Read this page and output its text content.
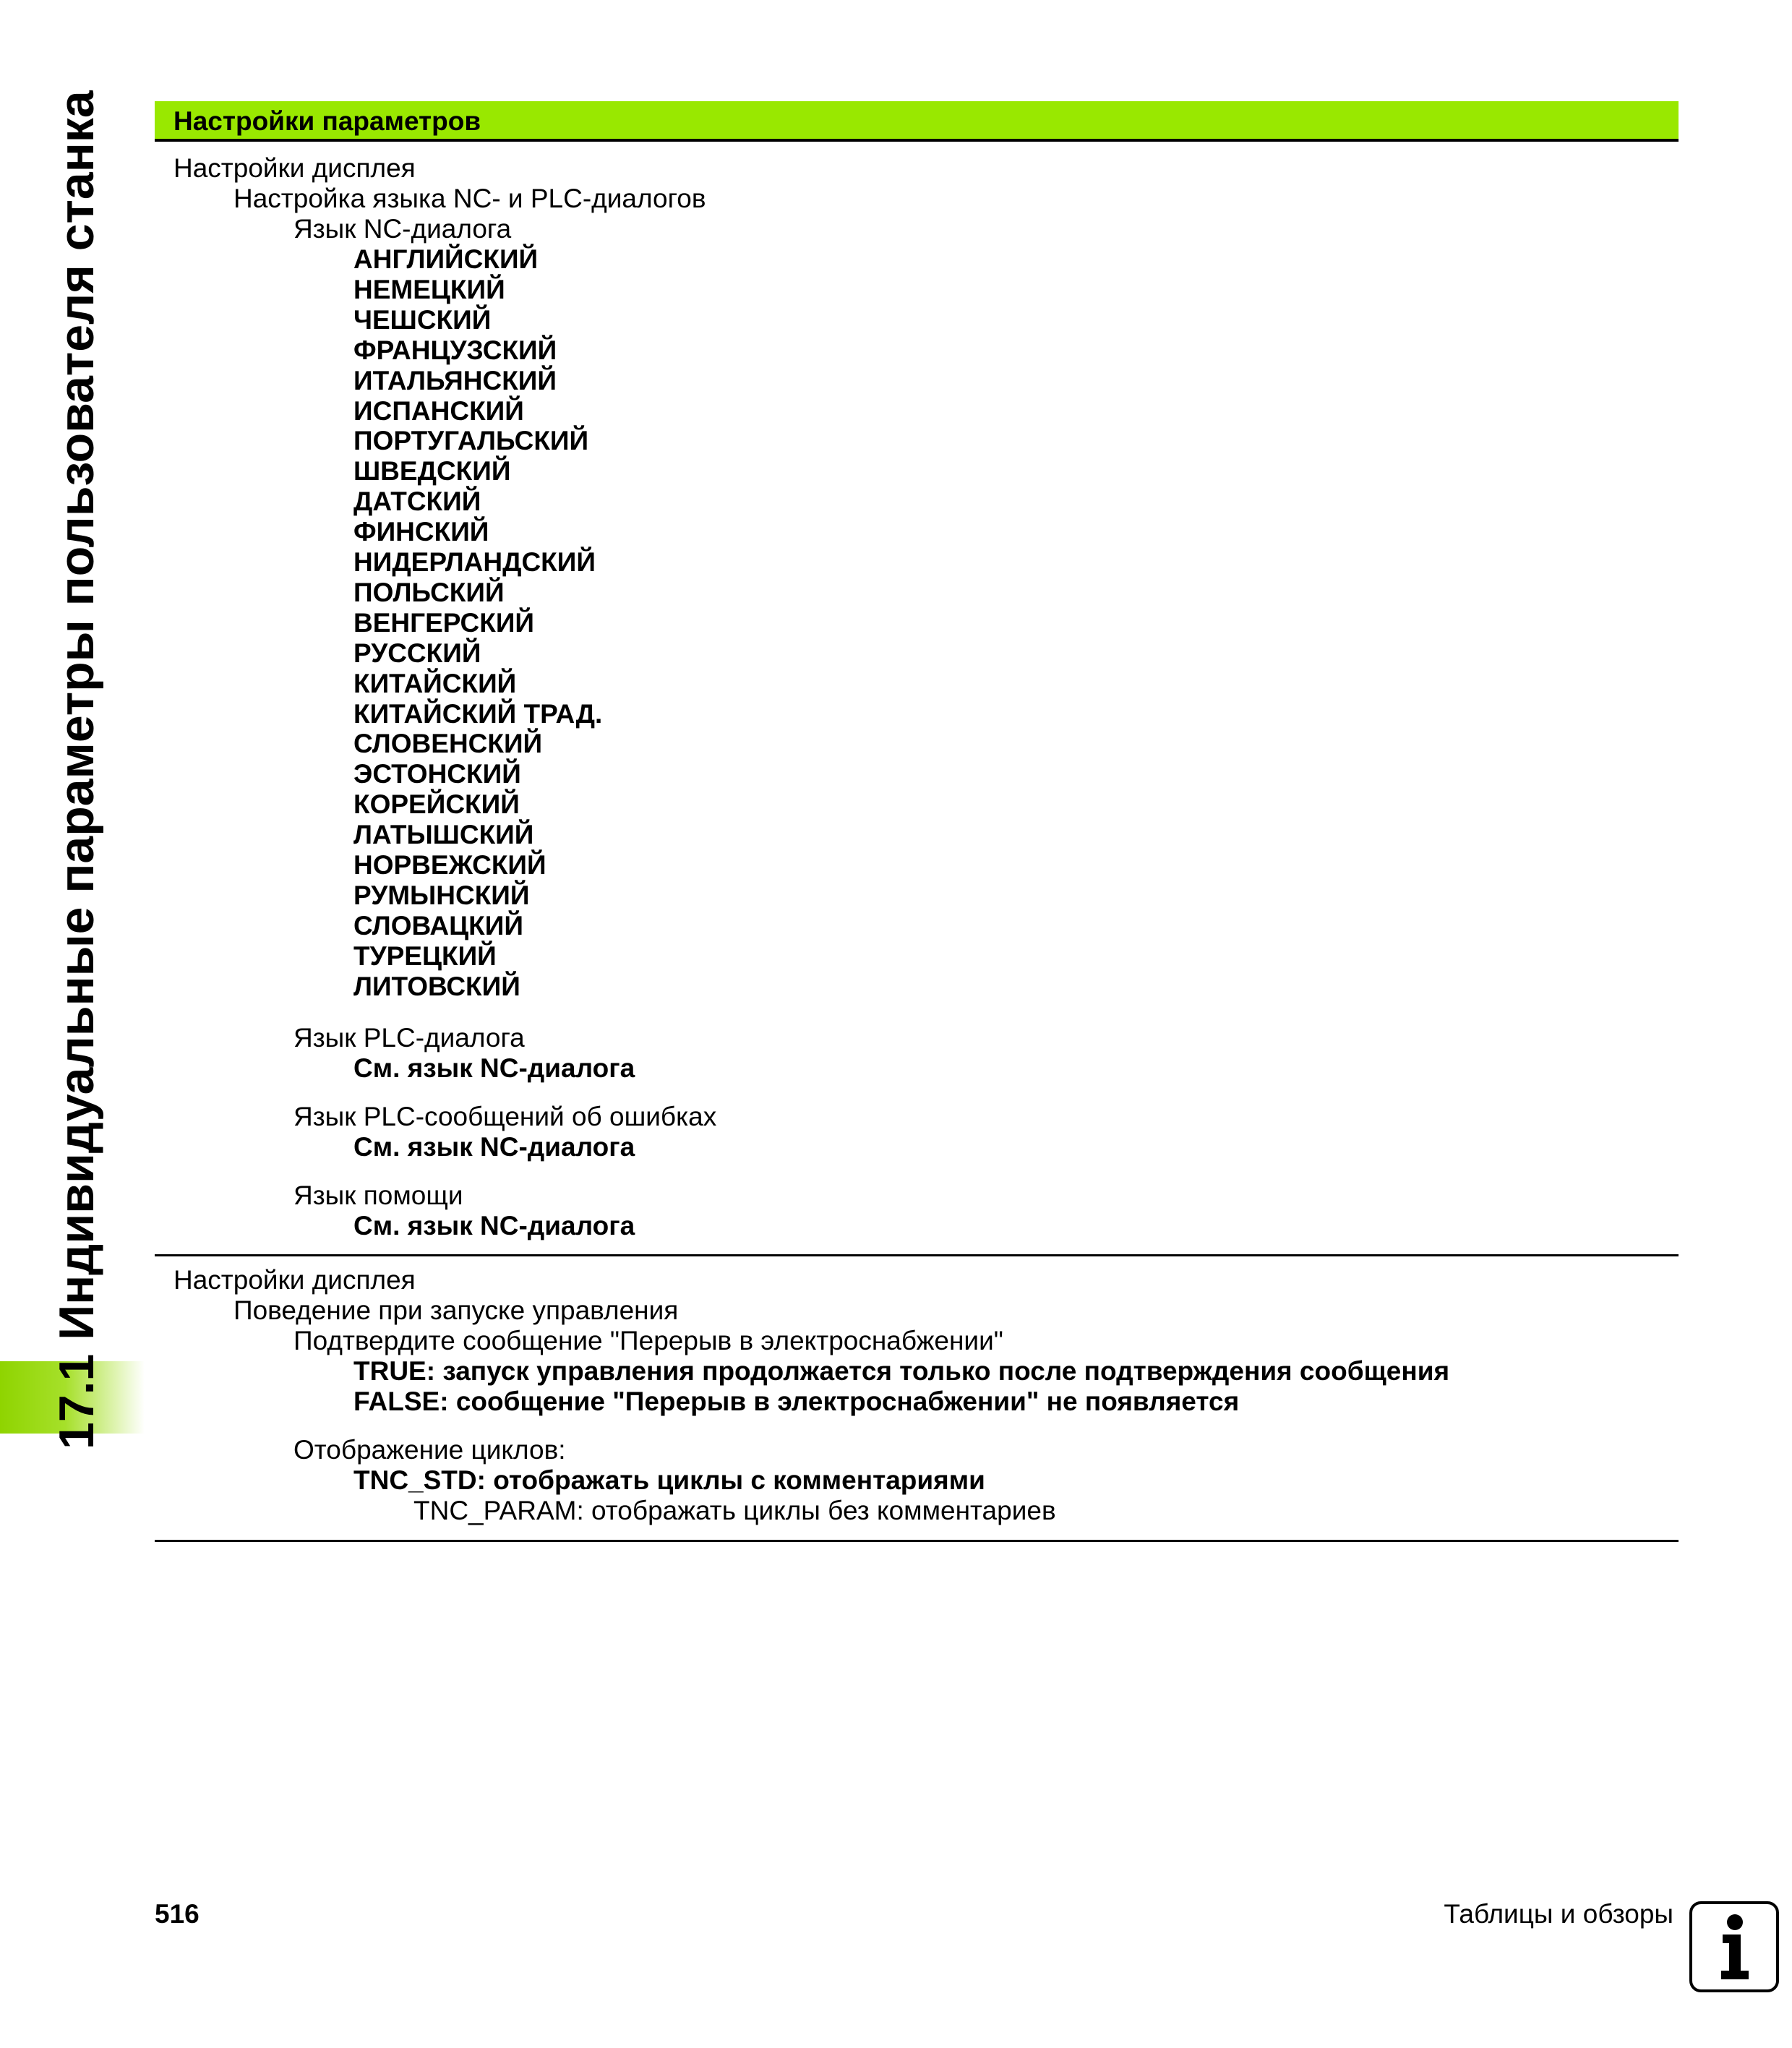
17.1 Индивидуальные параметры пользователя станка	Настройки параметров
Настройки дисплея
Настройка языка NC- и PLC-диалогов
Язык NC-диалога
АНГЛИЙСКИЙ
НЕМЕЦКИЙ
ЧЕШСКИЙ
ФРАНЦУЗСКИЙ
ИТАЛЬЯНСКИЙ
ИСПАНСКИЙ
ПОРТУГАЛЬСКИЙ
ШВЕДСКИЙ
ДАТСКИЙ
ФИНСКИЙ
НИДЕРЛАНДСКИЙ
ПОЛЬСКИЙ
ВЕНГЕРСКИЙ
РУССКИЙ
КИТАЙСКИЙ
КИТАЙСКИЙ ТРАД.
СЛОВЕНСКИЙ
ЭСТОНСКИЙ
КОРЕЙСКИЙ
ЛАТЫШСКИЙ
НОРВЕЖСКИЙ
РУМЫНСКИЙ
СЛОВАЦКИЙ
ТУРЕЦКИЙ
ЛИТОВСКИЙ
Язык PLC-диалога
См. язык NC-диалога
Язык PLC-сообщений об ошибках
См. язык NC-диалога
Язык помощи
См. язык NC-диалога
Настройки дисплея
Поведение при запуске управления
Подтвердите сообщение "Перерыв в электроснабжении"
TRUE: запуск управления продолжается только после подтверждения сообщения
FALSE: сообщение "Перерыв в электроснабжении" не появляется
Отображение циклов:
TNC_STD: отображать циклы с комментариями
TNC_PARAM: отображать циклы без комментариев
516	Таблицы и обзоры
